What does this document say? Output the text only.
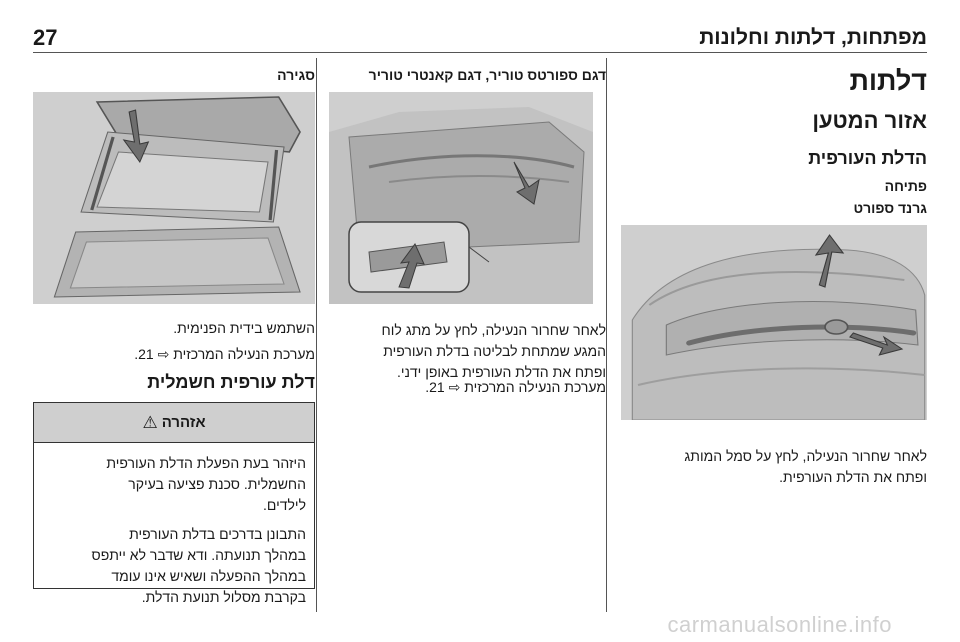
27	מפתחות, דלתות וחלונות
דלתות
אזור המטען
הדלת העורפית
פתיחה
גרנד ספורט

לאחר שחרור הנעילה, לחץ על סמל המותג
ופתח את הדלת העורפית.

דגם ספורטס טוריר, דגם קאנטרי טוריר

לאחר שחרור הנעילה, לחץ על מתג לוח
המגע שמתחת לבליטה בדלת העורפית
ופתח את הדלת העורפית באופן ידני.

מערכת הנעילה המרכזית ⇨ 21.

סגירה

השתמש בידית הפנימית.

מערכת הנעילה המרכזית ⇨ 21.

דלת עורפית חשמלית
אזהרה
⚠

היזהר בעת הפעלת הדלת העורפית
החשמלית. סכנת פציעה בעיקר
לילדים.

התבונן בדרכים בדלת העורפית
במהלך תנועתה. ודא שדבר לא ייתפס
במהלך ההפעלה ושאיש אינו עומד
בקרבת מסלול תנועת הדלת.

carmanualsonline.info
